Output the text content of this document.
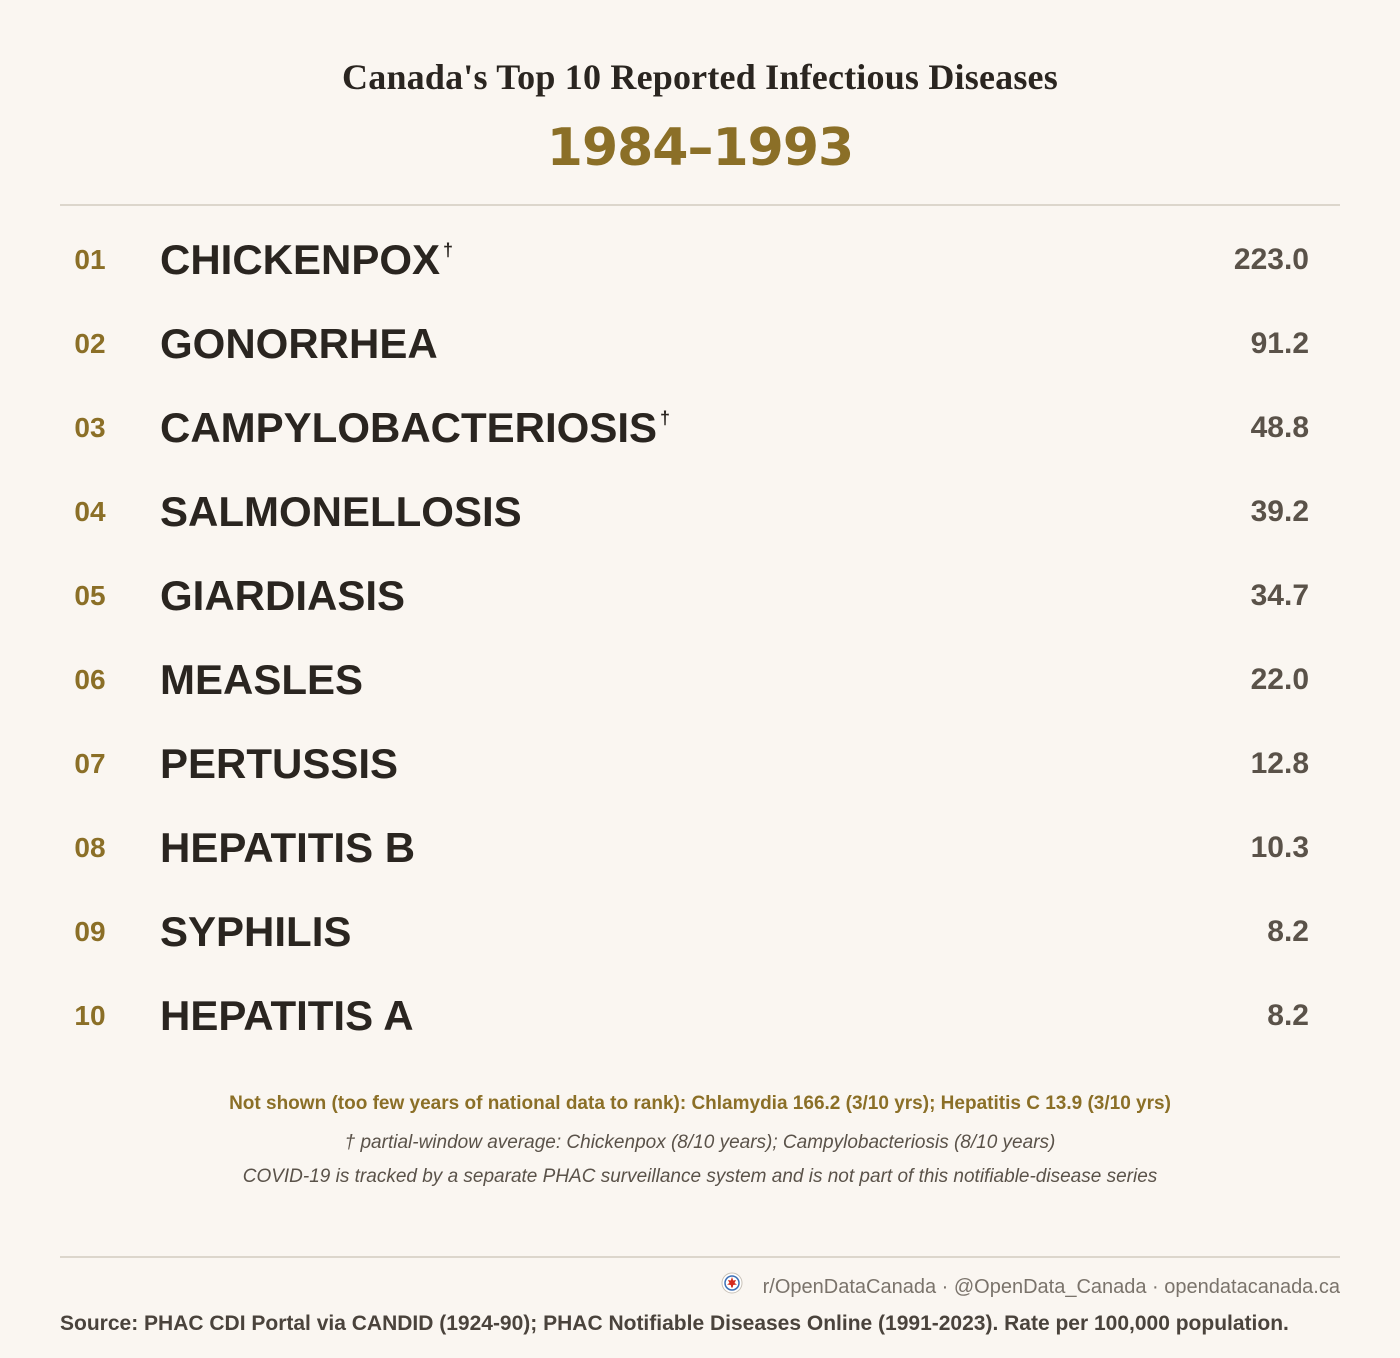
Canada's Top 10 Reported Infectious Diseases
1984–1993
01	CHICKENPOX †	223.0
02	GONORRHEA	91.2
03	CAMPYLOBACTERIOSIS †	48.8
04	SALMONELLOSIS	39.2
05	GIARDIASIS	34.7
06	MEASLES	22.0
07	PERTUSSIS	12.8
08	HEPATITIS B	10.3
09	SYPHILIS	8.2
10	HEPATITIS A	8.2
Not shown (too few years of national data to rank): Chlamydia 166.2 (3/10 yrs); Hepatitis C 13.9 (3/10 yrs)
† partial-window average: Chickenpox (8/10 years); Campylobacteriosis (8/10 years)
COVID-19 is tracked by a separate PHAC surveillance system and is not part of this notifiable-disease series
r/OpenDataCanada · @OpenData_Canada · opendatacanada.ca
Source: PHAC CDI Portal via CANDID (1924-90); PHAC Notifiable Diseases Online (1991-2023). Rate per 100,000 population.
